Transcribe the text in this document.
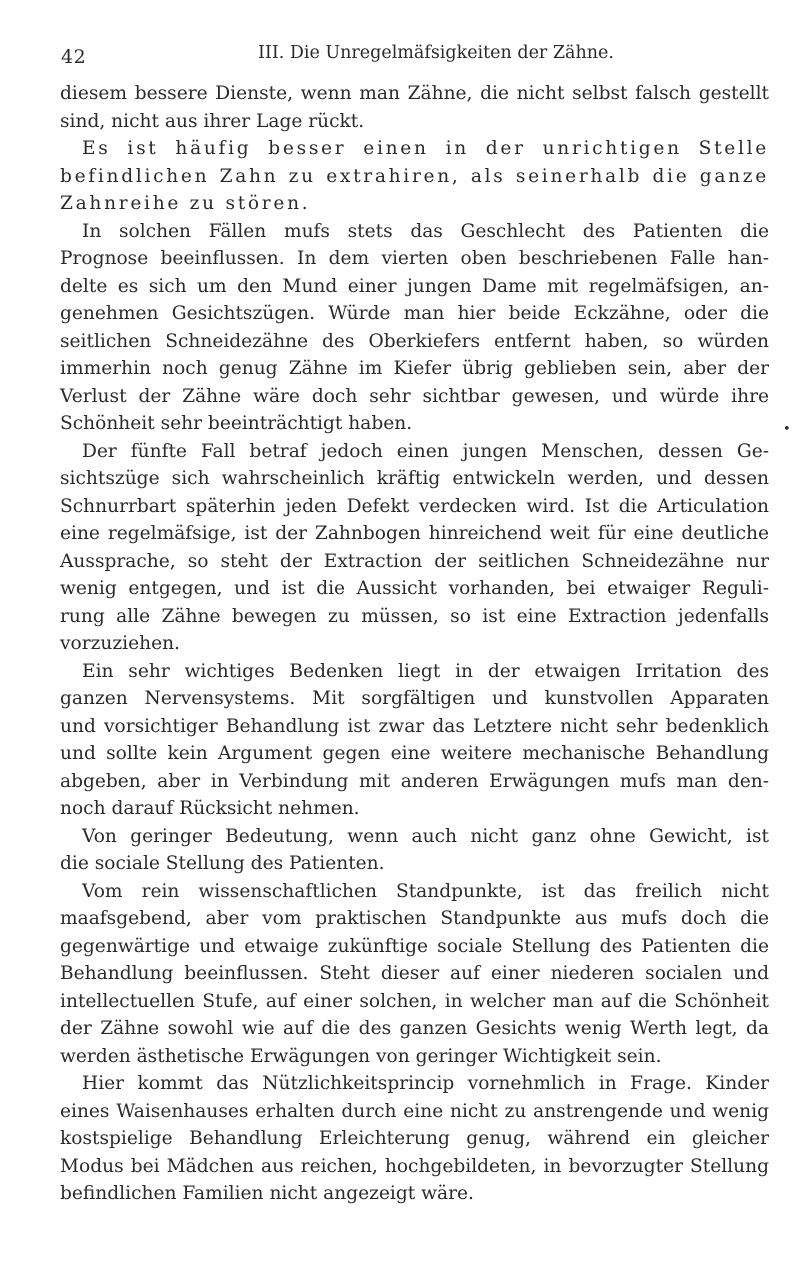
42	III. Die Unregelmäfsigkeiten der Zähne.
•
diesem bessere Dienste, wenn man Zähne, die nicht selbst falsch gestellt
sind, nicht aus ihrer Lage rückt.
Es ist häufig besser einen in der unrichtigen Stelle
befindlichen Zahn zu extrahiren, als seinerhalb die ganze
Zahnreihe zu stören.
In solchen Fällen mufs stets das Geschlecht des Patienten die
Prognose beeinflussen. In dem vierten oben beschriebenen Falle han-
delte es sich um den Mund einer jungen Dame mit regelmäfsigen, an-
genehmen Gesichtszügen. Würde man hier beide Eckzähne, oder die
seitlichen Schneidezähne des Oberkiefers entfernt haben, so würden
immerhin noch genug Zähne im Kiefer übrig geblieben sein, aber der
Verlust der Zähne wäre doch sehr sichtbar gewesen, und würde ihre
Schönheit sehr beeinträchtigt haben.
Der fünfte Fall betraf jedoch einen jungen Menschen, dessen Ge-
sichtszüge sich wahrscheinlich kräftig entwickeln werden, und dessen
Schnurrbart späterhin jeden Defekt verdecken wird. Ist die Articulation
eine regelmäfsige, ist der Zahnbogen hinreichend weit für eine deutliche
Aussprache, so steht der Extraction der seitlichen Schneidezähne nur
wenig entgegen, und ist die Aussicht vorhanden, bei etwaiger Reguli-
rung alle Zähne bewegen zu müssen, so ist eine Extraction jedenfalls
vorzuziehen.
Ein sehr wichtiges Bedenken liegt in der etwaigen Irritation des
ganzen Nervensystems. Mit sorgfältigen und kunstvollen Apparaten
und vorsichtiger Behandlung ist zwar das Letztere nicht sehr bedenklich
und sollte kein Argument gegen eine weitere mechanische Behandlung
abgeben, aber in Verbindung mit anderen Erwägungen mufs man den-
noch darauf Rücksicht nehmen.
Von geringer Bedeutung, wenn auch nicht ganz ohne Gewicht, ist
die sociale Stellung des Patienten.
Vom rein wissenschaftlichen Standpunkte, ist das freilich nicht
maafsgebend, aber vom praktischen Standpunkte aus mufs doch die
gegenwärtige und etwaige zukünftige sociale Stellung des Patienten die
Behandlung beeinflussen. Steht dieser auf einer niederen socialen und
intellectuellen Stufe, auf einer solchen, in welcher man auf die Schönheit
der Zähne sowohl wie auf die des ganzen Gesichts wenig Werth legt, da
werden ästhetische Erwägungen von geringer Wichtigkeit sein.
Hier kommt das Nützlichkeitsprincip vornehmlich in Frage. Kinder
eines Waisenhauses erhalten durch eine nicht zu anstrengende und wenig
kostspielige Behandlung Erleichterung genug, während ein gleicher
Modus bei Mädchen aus reichen, hochgebildeten, in bevorzugter Stellung
befindlichen Familien nicht angezeigt wäre.
